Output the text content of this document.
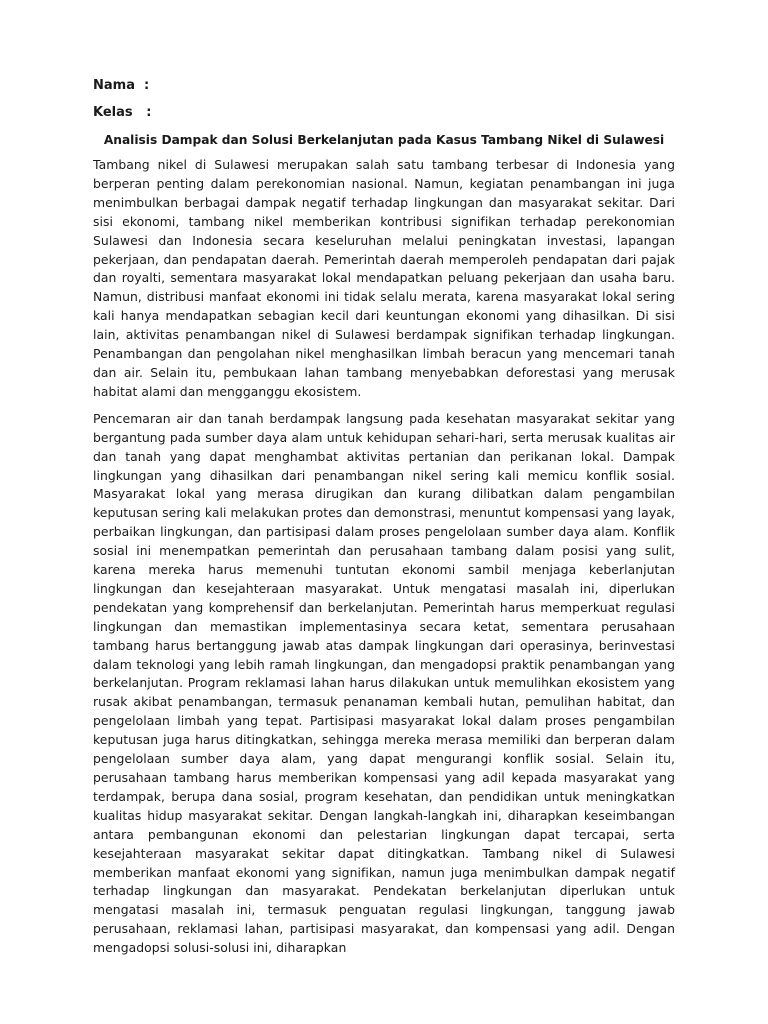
Nama  :
Kelas   :
Analisis Dampak dan Solusi Berkelanjutan pada Kasus Tambang Nikel di Sulawesi

Tambang nikel di Sulawesi merupakan salah satu tambang terbesar di Indonesia yang berperan penting dalam perekonomian nasional. Namun, kegiatan penambangan ini juga menimbulkan berbagai dampak negatif terhadap lingkungan dan masyarakat sekitar. Dari sisi ekonomi, tambang nikel memberikan kontribusi signifikan terhadap perekonomian Sulawesi dan Indonesia secara keseluruhan melalui peningkatan investasi, lapangan pekerjaan, dan pendapatan daerah. Pemerintah daerah memperoleh pendapatan dari pajak dan royalti, sementara masyarakat lokal mendapatkan peluang pekerjaan dan usaha baru. Namun, distribusi manfaat ekonomi ini tidak selalu merata, karena masyarakat lokal sering kali hanya mendapatkan sebagian kecil dari keuntungan ekonomi yang dihasilkan. Di sisi lain, aktivitas penambangan nikel di Sulawesi berdampak signifikan terhadap lingkungan. Penambangan dan pengolahan nikel menghasilkan limbah beracun yang mencemari tanah dan air. Selain itu, pembukaan lahan tambang menyebabkan deforestasi yang merusak habitat alami dan mengganggu ekosistem.

Pencemaran air dan tanah berdampak langsung pada kesehatan masyarakat sekitar yang bergantung pada sumber daya alam untuk kehidupan sehari-hari, serta merusak kualitas air dan tanah yang dapat menghambat aktivitas pertanian dan perikanan lokal. Dampak lingkungan yang dihasilkan dari penambangan nikel sering kali memicu konflik sosial. Masyarakat lokal yang merasa dirugikan dan kurang dilibatkan dalam pengambilan keputusan sering kali melakukan protes dan demonstrasi, menuntut kompensasi yang layak, perbaikan lingkungan, dan partisipasi dalam proses pengelolaan sumber daya alam. Konflik sosial ini menempatkan pemerintah dan perusahaan tambang dalam posisi yang sulit, karena mereka harus memenuhi tuntutan ekonomi sambil menjaga keberlanjutan lingkungan dan kesejahteraan masyarakat. Untuk mengatasi masalah ini, diperlukan pendekatan yang komprehensif dan berkelanjutan. Pemerintah harus memperkuat regulasi lingkungan dan memastikan implementasinya secara ketat, sementara perusahaan tambang harus bertanggung jawab atas dampak lingkungan dari operasinya, berinvestasi dalam teknologi yang lebih ramah lingkungan, dan mengadopsi praktik penambangan yang berkelanjutan. Program reklamasi lahan harus dilakukan untuk memulihkan ekosistem yang rusak akibat penambangan, termasuk penanaman kembali hutan, pemulihan habitat, dan pengelolaan limbah yang tepat. Partisipasi masyarakat lokal dalam proses pengambilan keputusan juga harus ditingkatkan, sehingga mereka merasa memiliki dan berperan dalam pengelolaan sumber daya alam, yang dapat mengurangi konflik sosial. Selain itu, perusahaan tambang harus memberikan kompensasi yang adil kepada masyarakat yang terdampak, berupa dana sosial, program kesehatan, dan pendidikan untuk meningkatkan kualitas hidup masyarakat sekitar. Dengan langkah-langkah ini, diharapkan keseimbangan antara pembangunan ekonomi dan pelestarian lingkungan dapat tercapai, serta kesejahteraan masyarakat sekitar dapat ditingkatkan. Tambang nikel di Sulawesi memberikan manfaat ekonomi yang signifikan, namun juga menimbulkan dampak negatif terhadap lingkungan dan masyarakat. Pendekatan berkelanjutan diperlukan untuk mengatasi masalah ini, termasuk penguatan regulasi lingkungan, tanggung jawab perusahaan, reklamasi lahan, partisipasi masyarakat, dan kompensasi yang adil. Dengan mengadopsi solusi-solusi ini, diharapkan
